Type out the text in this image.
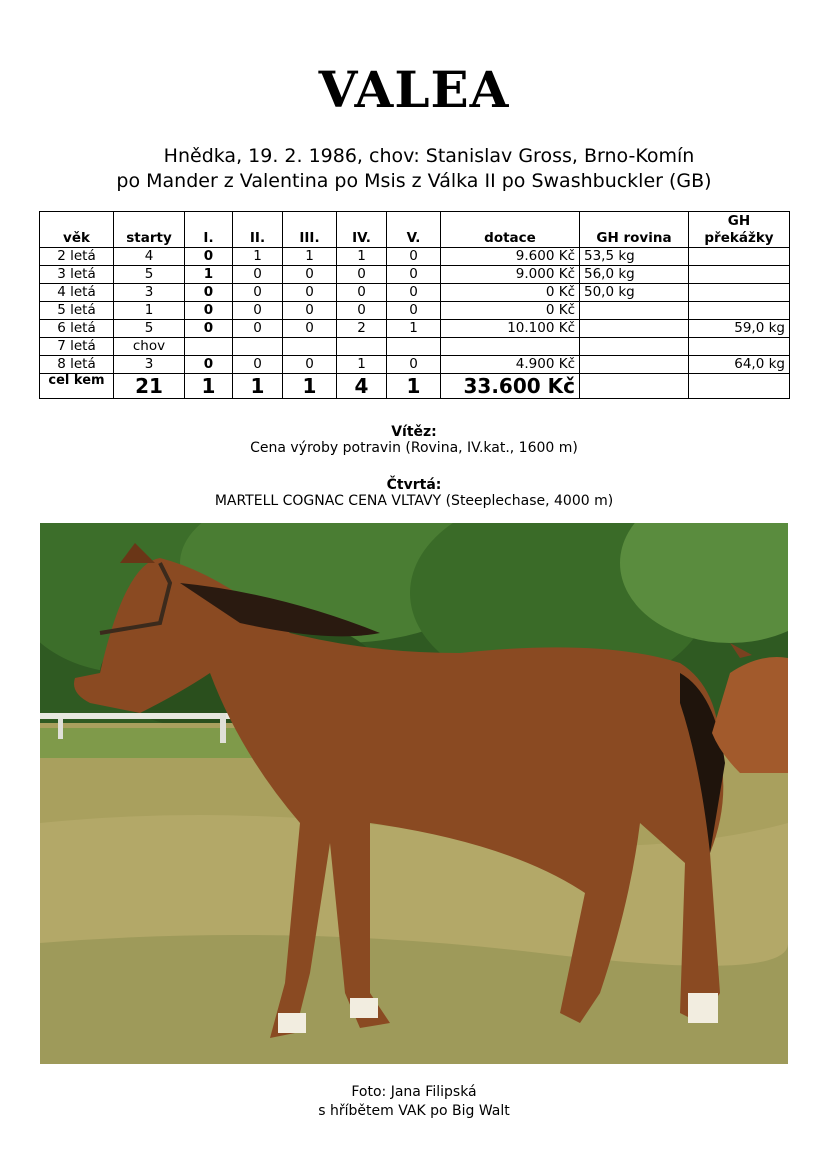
VALEA
Hnědka, 19. 2. 1986, chov: Stanislav Gross, Brno-Komín
po Mander z Valentina po Msis z Válka II po Swashbuckler (GB)
věk	starty	I.	II.	III.	IV.	V.	dotace	GH rovina	GH překážky
2 letá	4	0	1	1	1	0	9.600 Kč	53,5 kg	
3 letá	5	1	0	0	0	0	9.000 Kč	56,0 kg	
4 letá	3	0	0	0	0	0	0 Kč	50,0 kg	
5 letá	1	0	0	0	0	0	0 Kč		
6 letá	5	0	0	0	2	1	10.100 Kč		59,0 kg
7 letá	chov								
8 letá	3	0	0	0	1	0	4.900 Kč		64,0 kg
cel kem	21	1	1	1	4	1	33.600 Kč		
Vítěz:
Cena výroby potravin (Rovina, IV.kat., 1600 m)
Čtvrtá:
MARTELL COGNAC CENA VLTAVY (Steeplechase, 4000 m)
Foto: Jana Filipská
s hříbětem VAK po Big Walt
